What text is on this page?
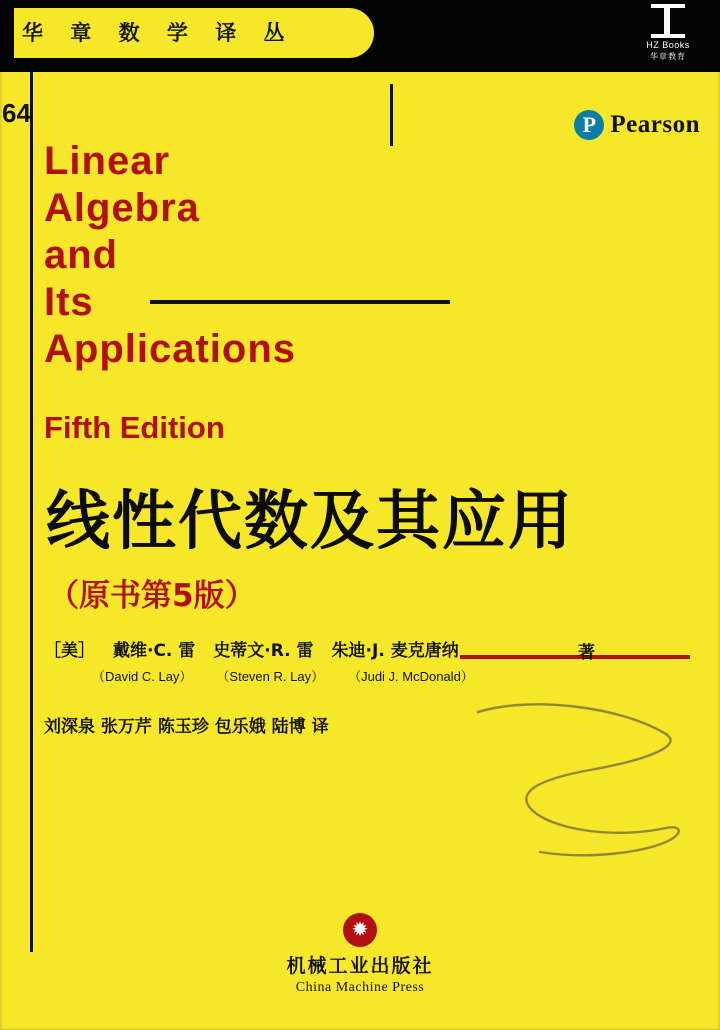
华 章 数 学 译 丛	HZ Books
华章教育
64	P Pearson
Linear
Algebra
and
Its
Applications
Fifth Edition
线性代数及其应用
（原书第5版）
［美］ 戴维·C. 雷 史蒂文·R. 雷 朱迪·J. 麦克唐纳
（David C. Lay） （Steven R. Lay） （Judi J. McDonald）
著
刘深泉 张万芹 陈玉珍 包乐娥 陆博 译
✹
机械工业出版社
China Machine Press
